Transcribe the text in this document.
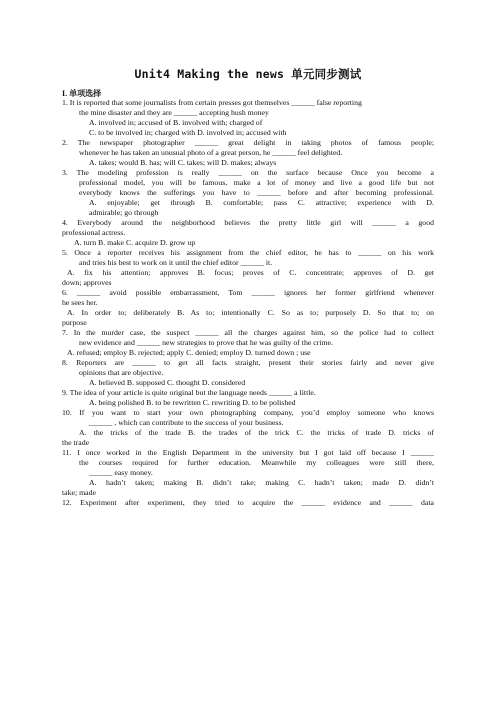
Unit4 Making the news 单元同步测试
I. 单项选择
1. It is reported that some journalists from certain presses got themselves ______ false reporting
the mine disaster and they are ______ accepting hush money
A. involved in; accused of B. involved with; charged of
C. to be involved in; charged with D. involved in; accused with
2. The newspaper photographer ______ great delight in taking photos of famous people;
whenever he has taken an unusual photo of a great person, he ______ feel delighted.
A. takes; would B. has; will C. takes; will D. makes; always
3. The modeling profession is really ______ on the surface because Once you become a
professional model, you will be famous, make a lot of money and live a good life but not
everybody knows the sufferings you have to ______ before and after becoming professional.
A. enjoyable; get through B. comfortable; pass C. attractive; experience with D.
admirable; go through
4. Everybody around the neighborhood believes the pretty little girl will ______ a good
professional actress.
A. turn B. make C. acquire D. grow up
5. Once a reporter receives his assignment from the chief editor, he has to ______ on his work
and tries his best to work on it until the chief editor ______ it.
A. fix his attention; approves B. focus; proves of C. concentrate; approves of D. get
down; approves
6. ______ avoid possible embarrassment, Tom ______ ignores her former girlfriend whenever
he sees her.
A. In order to; deliberately B. As to; intentionally C. So as to; purposely D. So that to; on
purpose
7. In the murder case, the suspect ______ all the charges against him, so the police had to collect
new evidence and ______ new strategies to prove that he was guilty of the crime.
A. refused; employ B. rejected; apply C. denied; employ D. turned down ; use
8. Reporters are ______ to get all facts straight, present their stories fairly and never give
opinions that are objective.
A. believed B. supposed C. thought D. considered
9. The idea of your article is quite original but the language needs ______ a little.
A. being polished B. to be rewritten C. rewriting D. to be polished
10. If you want to start your own photographing company, you’d employ someone who knows
______ , which can contribute to the success of your business.
A. the tricks of the trade B. the trades of the trick C. the tricks of trade D. tricks of
the trade
11. I once worked in the English Department in the university but I got laid off because I ______
the courses required for further education. Meanwhile my colleagues were still there,
______ easy money.
A. hadn’t taken; making B. didn’t take; making C. hadn’t taken; made D. didn’t
take; made
12. Experiment after experiment, they tried to acquire the ______ evidence and ______ data
